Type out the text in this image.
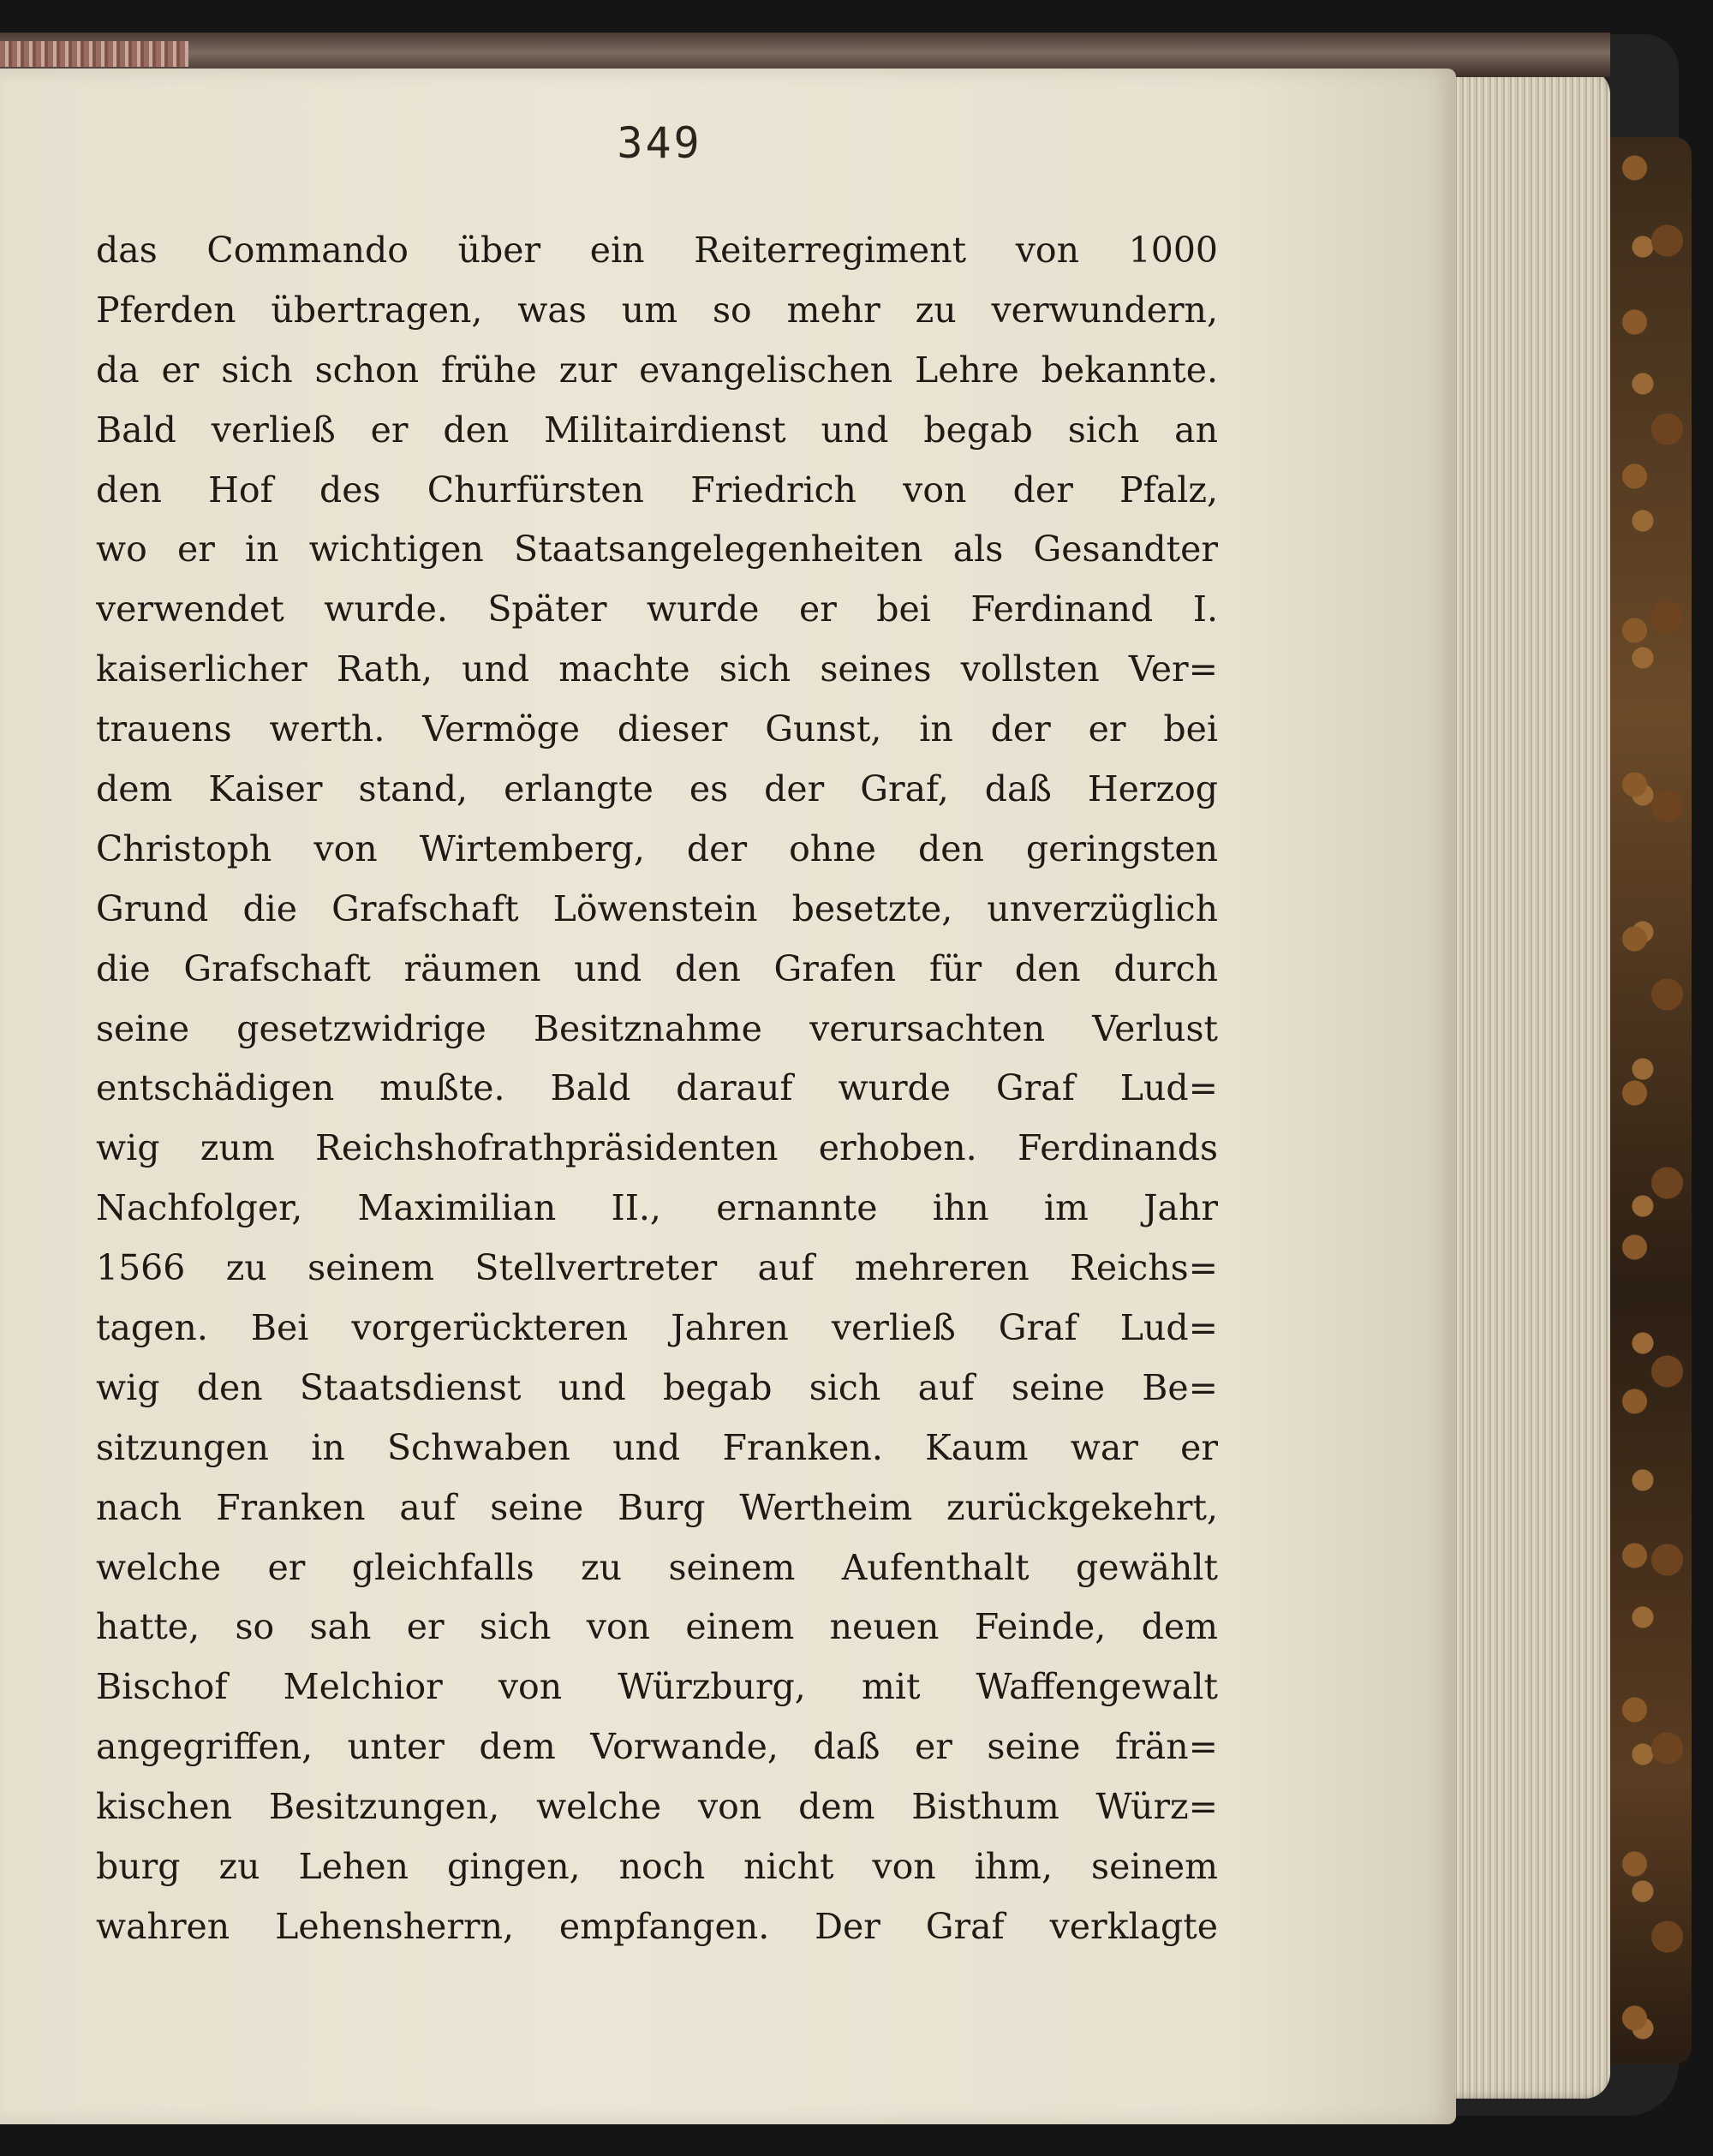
349
das Commando über ein Reiterregiment von 1000
Pferden übertragen, was um so mehr zu verwundern,
da er sich schon frühe zur evangelischen Lehre bekannte.
Bald verließ er den Militairdienst und begab sich an
den Hof des Churfürsten Friedrich von der Pfalz,
wo er in wichtigen Staatsangelegenheiten als Gesandter
verwendet wurde. Später wurde er bei Ferdinand I.
kaiserlicher Rath, und machte sich seines vollsten Ver=
trauens werth. Vermöge dieser Gunst, in der er bei
dem Kaiser stand, erlangte es der Graf, daß Herzog
Christoph von Wirtemberg, der ohne den geringsten
Grund die Grafschaft Löwenstein besetzte, unverzüglich
die Grafschaft räumen und den Grafen für den durch
seine gesetzwidrige Besitznahme verursachten Verlust
entschädigen mußte. Bald darauf wurde Graf Lud=
wig zum Reichshofrathpräsidenten erhoben. Ferdinands
Nachfolger, Maximilian II., ernannte ihn im Jahr
1566 zu seinem Stellvertreter auf mehreren Reichs=
tagen. Bei vorgerückteren Jahren verließ Graf Lud=
wig den Staatsdienst und begab sich auf seine Be=
sitzungen in Schwaben und Franken. Kaum war er
nach Franken auf seine Burg Wertheim zurückgekehrt,
welche er gleichfalls zu seinem Aufenthalt gewählt
hatte, so sah er sich von einem neuen Feinde, dem
Bischof Melchior von Würzburg, mit Waffengewalt
angegriffen, unter dem Vorwande, daß er seine frän=
kischen Besitzungen, welche von dem Bisthum Würz=
burg zu Lehen gingen, noch nicht von ihm, seinem
wahren Lehensherrn, empfangen. Der Graf verklagte
